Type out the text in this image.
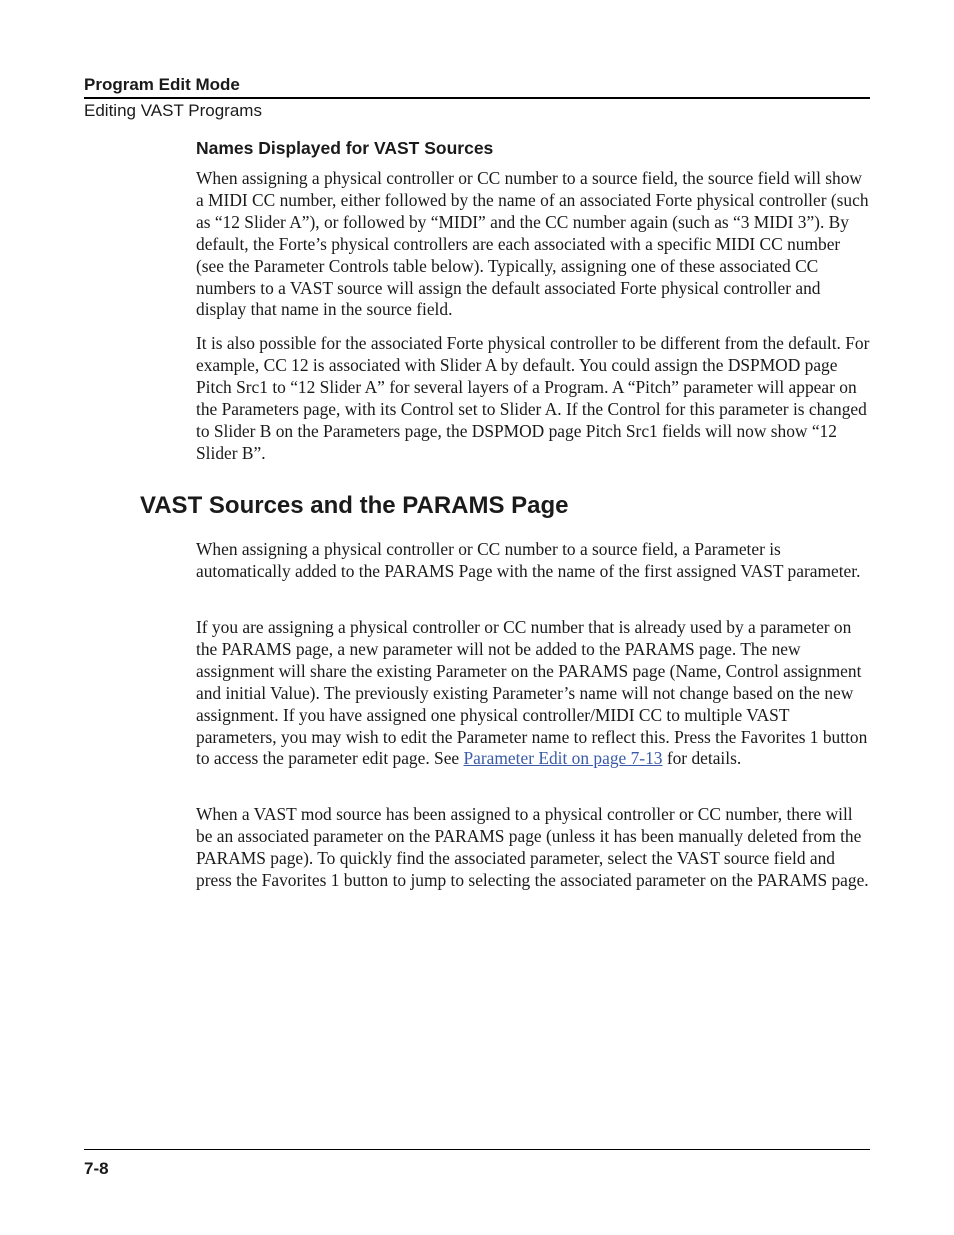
Program Edit Mode

Editing VAST Programs

Names Displayed for VAST Sources

When assigning a physical controller or CC number to a source field, the source field will show a MIDI CC number, either followed by the name of an associated Forte physical controller (such as “12 Slider A”), or followed by “MIDI” and the CC number again (such as “3 MIDI 3”). By default, the Forte’s physical controllers are each associated with a specific MIDI CC number (see the Parameter Controls table below). Typically, assigning one of these associated CC numbers to a VAST source will assign the default associated Forte physical controller and display that name in the source field.

It is also possible for the associated Forte physical controller to be different from the default. For example, CC 12 is associated with Slider A by default. You could assign the DSPMOD page Pitch Src1 to “12 Slider A” for several layers of a Program. A “Pitch” parameter will appear on the Parameters page, with its Control set to Slider A. If the Control for this parameter is changed to Slider B on the Parameters page, the DSPMOD page Pitch Src1 fields will now show “12 Slider B”.

VAST Sources and the PARAMS Page

When assigning a physical controller or CC number to a source field, a Parameter is automatically added to the PARAMS Page with the name of the first assigned VAST parameter.

If you are assigning a physical controller or CC number that is already used by a parameter on the PARAMS page, a new parameter will not be added to the PARAMS page. The new assignment will share the existing Parameter on the PARAMS page (Name, Control assignment and initial Value). The previously existing Parameter’s name will not change based on the new assignment. If you have assigned one physical controller/MIDI CC to multiple VAST parameters, you may wish to edit the Parameter name to reflect this. Press the Favorites 1 button to access the parameter edit page. See Parameter Edit on page 7-13 for details.

When a VAST mod source has been assigned to a physical controller or CC number, there will be an associated parameter on the PARAMS page (unless it has been manually deleted from the PARAMS page). To quickly find the associated parameter, select the VAST source field and press the Favorites 1 button to jump to selecting the associated parameter on the PARAMS page.

7-8
